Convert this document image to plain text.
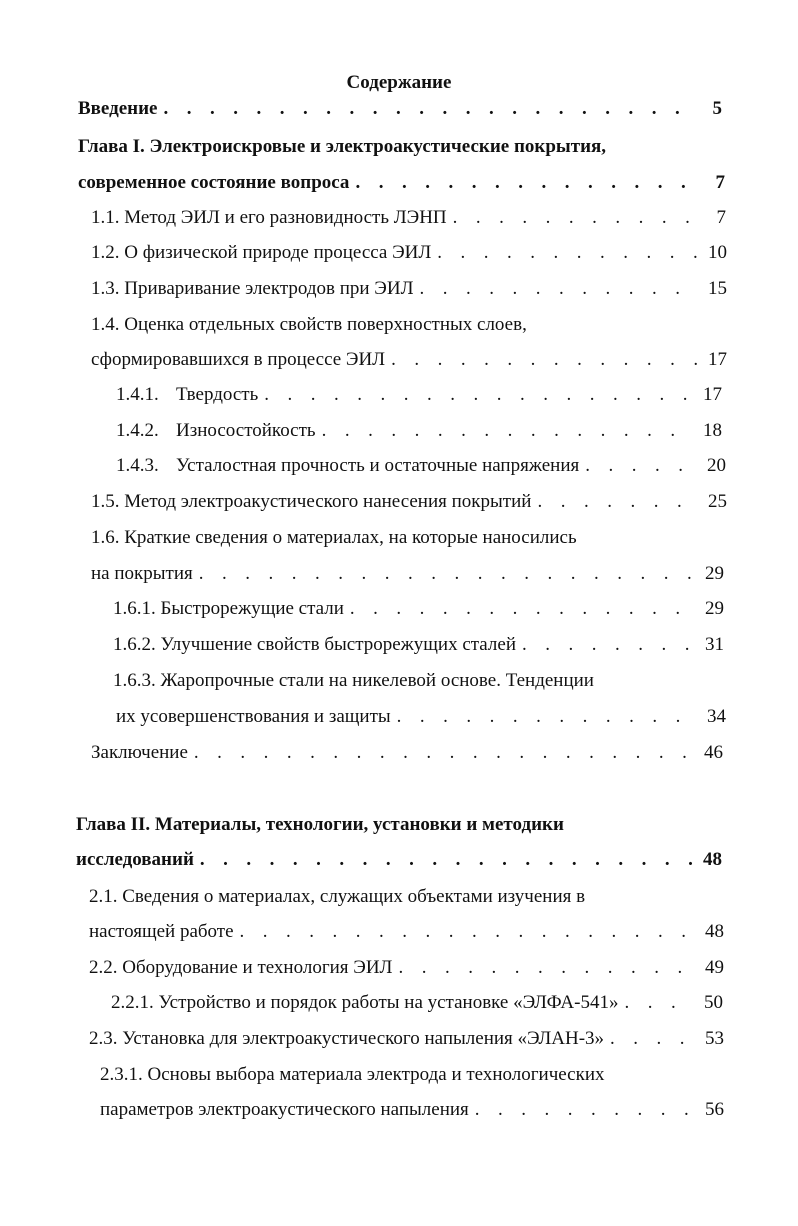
Содержание
Введение . .	5
Глава I. Электроискровые и электроакустические покрытия,
современное состояние вопроса . .	7
1.1. Метод ЭИЛ и его разновидность ЛЭНП . .	7
1.2. О физической природе процесса ЭИЛ . .	10
1.3. Приваривание электродов при ЭИЛ . .	15
1.4. Оценка отдельных свойств поверхностных слоев,
сформировавшихся в процессе ЭИЛ . .	17
1.4.1. Твердость . .	17
1.4.2. Износостойкость . .	18
1.4.3. Усталостная прочность и остаточные напряжения . .	20
1.5. Метод электроакустического нанесения покрытий . .	25
1.6. Краткие сведения о материалах, на которые наносились
на покрытия . .	29
1.6.1. Быстрорежущие стали . .	29
1.6.2. Улучшение свойств быстрорежущих сталей . .	31
1.6.3. Жаропрочные стали на никелевой основе. Тенденции
их усовершенствования и защиты . .	34
Заключение . .	46
Глава II. Материалы, технологии, установки и методики
исследований . .	48
2.1. Сведения о материалах, служащих объектами изучения в
настоящей работе . .	48
2.2. Оборудование и технология ЭИЛ . .	49
2.2.1. Устройство и порядок работы на установке «ЭЛФА-541» . .	50
2.3. Установка для электроакустического напыления «ЭЛАН-3» . .	53
2.3.1. Основы выбора материала электрода и технологических
параметров электроакустического напыления . .	56
